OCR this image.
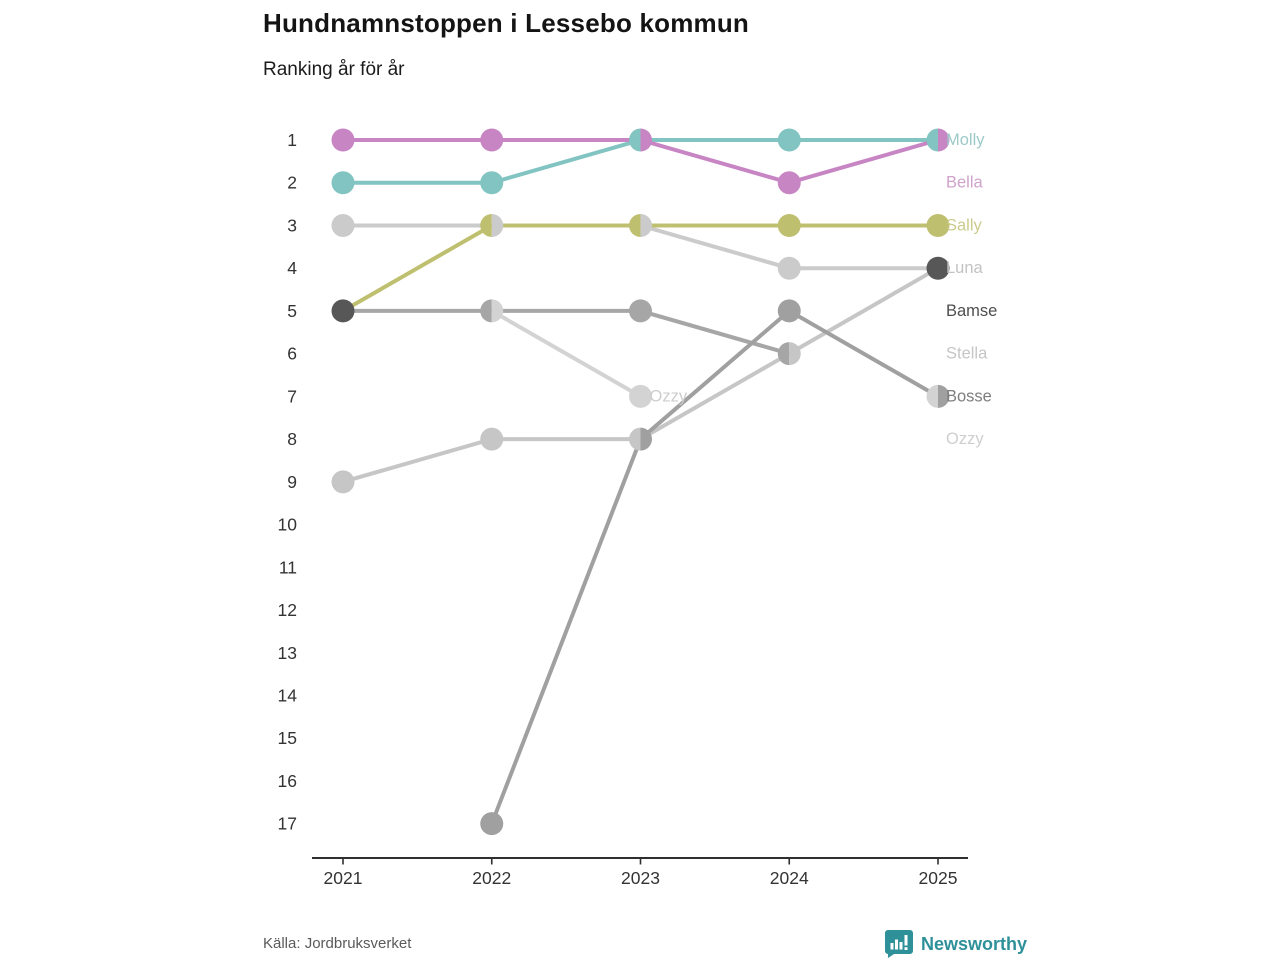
Hundnamnstoppen i Lessebo kommun
Ranking år för år
2021	2022	2023	2024	2025
1
2
3
4
5
6
7
8
9
10
11
12
13
14
15
16
17
Ozzy
Molly
Bella
Sally
Luna
Stella
Ozzy
Bosse
Bamse
Källa: Jordbruksverket	Newsworthy
